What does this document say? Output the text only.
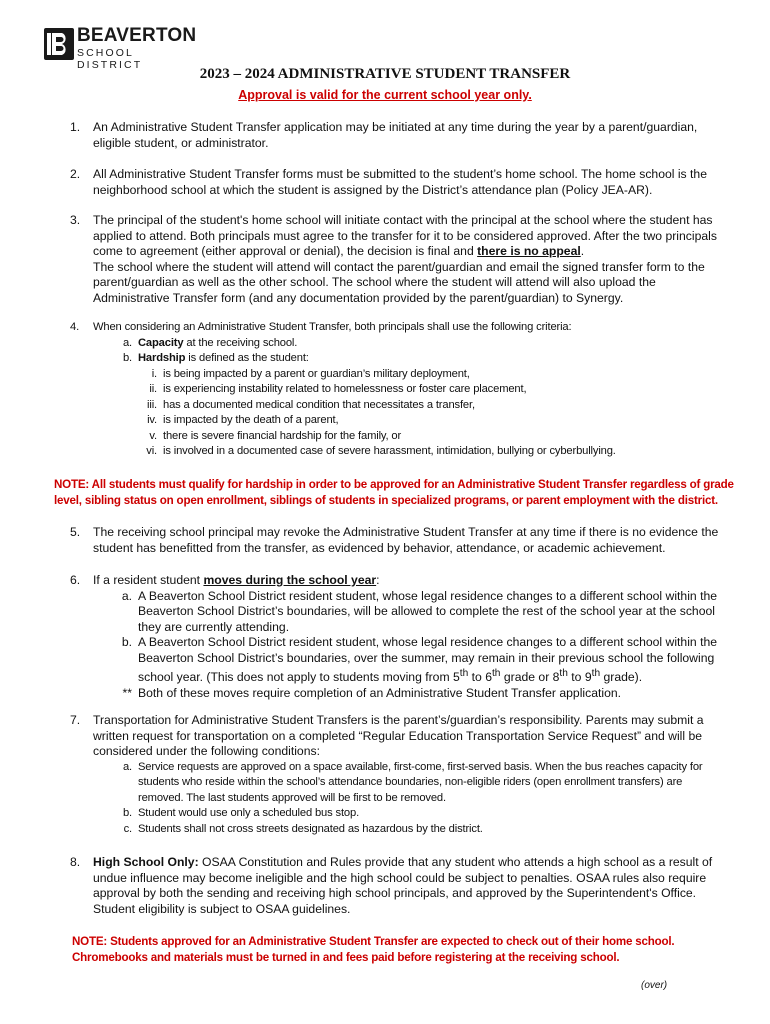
BEAVERTON
SCHOOL DISTRICT
2023 – 2024 ADMINISTRATIVE STUDENT TRANSFER
Approval is valid for the current school year only.
1. An Administrative Student Transfer application may be initiated at any time during the year by a parent/guardian, eligible student, or administrator.

2. All Administrative Student Transfer forms must be submitted to the student’s home school. The home school is the neighborhood school at which the student is assigned by the District’s attendance plan (Policy JEA-AR).

3. The principal of the student's home school will initiate contact with the principal at the school where the student has applied to attend. Both principals must agree to the transfer for it to be considered approved. After the two principals come to agreement (either approval or denial), the decision is final and there is no appeal.

The school where the student will attend will contact the parent/guardian and email the signed transfer form to the parent/guardian as well as the other school. The school where the student will attend will also upload the Administrative Transfer form (and any documentation provided by the parent/guardian) to Synergy.

4. When considering an Administrative Student Transfer, both principals shall use the following criteria:

a. Capacity at the receiving school.
b. Hardship is defined as the student:
i. is being impacted by a parent or guardian’s military deployment,
ii. is experiencing instability related to homelessness or foster care placement,
iii. has a documented medical condition that necessitates a transfer,
iv. is impacted by the death of a parent,
v. there is severe financial hardship for the family, or
vi. is involved in a documented case of severe harassment, intimidation, bullying or cyberbullying.
NOTE: All students must qualify for hardship in order to be approved for an Administrative Student Transfer regardless of grade level, sibling status on open enrollment, siblings of students in specialized programs, or parent employment with the district.
5. The receiving school principal may revoke the Administrative Student Transfer at any time if there is no evidence the student has benefitted from the transfer, as evidenced by behavior, attendance, or academic achievement.

6. If a resident student moves during the school year:

a. A Beaverton School District resident student, whose legal residence changes to a different school within the Beaverton School District’s boundaries, will be allowed to complete the rest of the school year at the school they are currently attending.
b. A Beaverton School District resident student, whose legal residence changes to a different school within the Beaverton School District’s boundaries, over the summer, may remain in their previous school the following school year. (This does not apply to students moving from 5th to 6th grade or 8th to 9th grade).
** Both of these moves require completion of an Administrative Student Transfer application.
7. Transportation for Administrative Student Transfers is the parent’s/guardian’s responsibility. Parents may submit a written request for transportation on a completed “Regular Education Transportation Service Request” and will be considered under the following conditions:

a. Service requests are approved on a space available, first-come, first-served basis. When the bus reaches capacity for students who reside within the school’s attendance boundaries, non-eligible riders (open enrollment transfers) are removed. The last students approved will be first to be removed.
b. Student would use only a scheduled bus stop.
c. Students shall not cross streets designated as hazardous by the district.
8. High School Only: OSAA Constitution and Rules provide that any student who attends a high school as a result of undue influence may become ineligible and the high school could be subject to penalties. OSAA rules also require approval by both the sending and receiving high school principals, and approved by the Superintendent's Office. Student eligibility is subject to OSAA guidelines.

NOTE: Students approved for an Administrative Student Transfer are expected to check out of their home school. Chromebooks and materials must be turned in and fees paid before registering at the receiving school.
(over)
